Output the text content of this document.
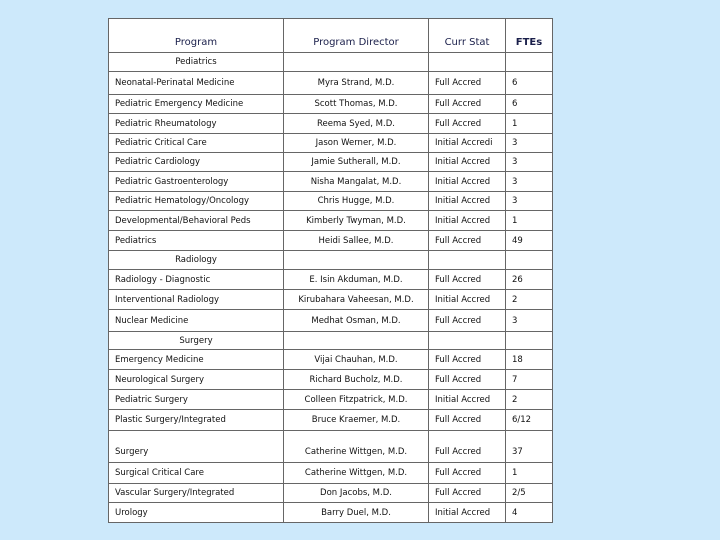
Program	Program Director	Curr Stat	FTEs
Pediatrics			
Neonatal-Perinatal Medicine	Myra Strand, M.D.	Full Accred	6
Pediatric Emergency Medicine	Scott Thomas, M.D.	Full Accred	6
Pediatric Rheumatology	Reema Syed, M.D.	Full Accred	1
Pediatric Critical Care	Jason Werner, M.D.	Initial Accredi	3
Pediatric Cardiology	Jamie Sutherall, M.D.	Initial Accred	3
Pediatric Gastroenterology	Nisha Mangalat, M.D.	Initial Accred	3
Pediatric Hematology/Oncology	Chris Hugge, M.D.	Initial Accred	3
Developmental/Behavioral Peds	Kimberly Twyman, M.D.	Initial Accred	1
Pediatrics	Heidi Sallee, M.D.	Full Accred	49
Radiology			
Radiology - Diagnostic	E. Isin Akduman, M.D.	Full Accred	26
Interventional Radiology	Kirubahara Vaheesan, M.D.	Initial Accred	2
Nuclear Medicine	Medhat Osman, M.D.	Full Accred	3
Surgery			
Emergency Medicine	Vijai Chauhan, M.D.	Full Accred	18
Neurological Surgery	Richard Bucholz, M.D.	Full Accred	7
Pediatric Surgery	Colleen Fitzpatrick, M.D.	Initial Accred	2
Plastic Surgery/Integrated	Bruce Kraemer, M.D.	Full Accred	6/12
Surgery	Catherine Wittgen, M.D.	Full Accred	37
Surgical Critical Care	Catherine Wittgen, M.D.	Full Accred	1
Vascular Surgery/Integrated	Don Jacobs, M.D.	Full Accred	2/5
Urology	Barry Duel, M.D.	Initial Accred	4
